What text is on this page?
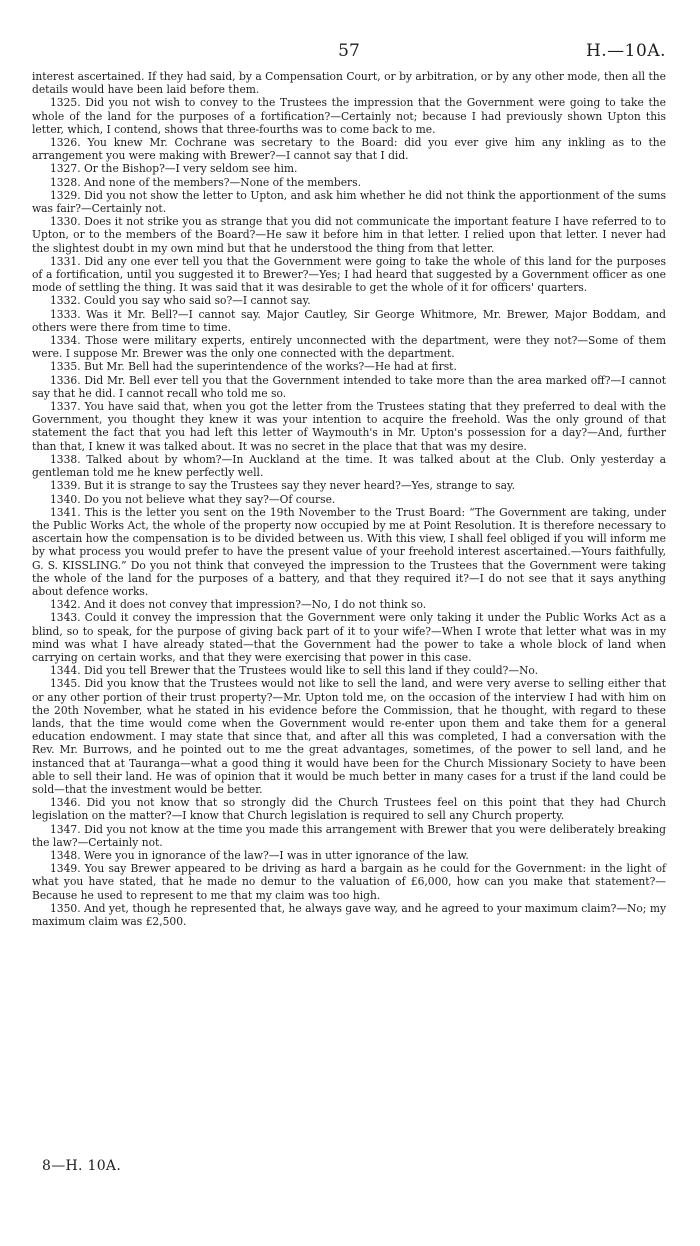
57	H.—10A.

interest ascertained. If they had said, by a Compensation Court, or by arbitration, or by any other mode, then all the details would have been laid before them.

1325. Did you not wish to convey to the Trustees the impression that the Government were going to take the whole of the land for the purposes of a fortification?—Certainly not; because I had previously shown Upton this letter, which, I contend, shows that three-fourths was to come back to me.

1326. You knew Mr. Cochrane was secretary to the Board: did you ever give him any inkling as to the arrangement you were making with Brewer?—I cannot say that I did.

1327. Or the Bishop?—I very seldom see him.

1328. And none of the members?—None of the members.

1329. Did you not show the letter to Upton, and ask him whether he did not think the apportionment of the sums was fair?—Certainly not.

1330. Does it not strike you as strange that you did not communicate the important feature I have referred to to Upton, or to the members of the Board?—He saw it before him in that letter. I relied upon that letter. I never had the slightest doubt in my own mind but that he understood the thing from that letter.

1331. Did any one ever tell you that the Government were going to take the whole of this land for the purposes of a fortification, until you suggested it to Brewer?—Yes; I had heard that suggested by a Government officer as one mode of settling the thing. It was said that it was desirable to get the whole of it for officers' quarters.

1332. Could you say who said so?—I cannot say.

1333. Was it Mr. Bell?—I cannot say. Major Cautley, Sir George Whitmore, Mr. Brewer, Major Boddam, and others were there from time to time.

1334. Those were military experts, entirely unconnected with the department, were they not?—Some of them were. I suppose Mr. Brewer was the only one connected with the department.

1335. But Mr. Bell had the superintendence of the works?—He had at first.

1336. Did Mr. Bell ever tell you that the Government intended to take more than the area marked off?—I cannot say that he did. I cannot recall who told me so.

1337. You have said that, when you got the letter from the Trustees stating that they preferred to deal with the Government, you thought they knew it was your intention to acquire the freehold. Was the only ground of that statement the fact that you had left this letter of Waymouth's in Mr. Upton's possession for a day?—And, further than that, I knew it was talked about. It was no secret in the place that that was my desire.

1338. Talked about by whom?—In Auckland at the time. It was talked about at the Club. Only yesterday a gentleman told me he knew perfectly well.

1339. But it is strange to say the Trustees say they never heard?—Yes, strange to say.

1340. Do you not believe what they say?—Of course.

1341. This is the letter you sent on the 19th November to the Trust Board: “The Government are taking, under the Public Works Act, the whole of the property now occupied by me at Point Resolution. It is therefore necessary to ascertain how the compensation is to be divided between us. With this view, I shall feel obliged if you will inform me by what process you would prefer to have the present value of your freehold interest ascertained.—Yours faithfully, G. S. KISSLING.” Do you not think that conveyed the impression to the Trustees that the Government were taking the whole of the land for the purposes of a battery, and that they required it?—I do not see that it says anything about defence works.

1342. And it does not convey that impression?—No, I do not think so.

1343. Could it convey the impression that the Government were only taking it under the Public Works Act as a blind, so to speak, for the purpose of giving back part of it to your wife?—When I wrote that letter what was in my mind was what I have already stated—that the Government had the power to take a whole block of land when carrying on certain works, and that they were exercising that power in this case.

1344. Did you tell Brewer that the Trustees would like to sell this land if they could?—No.

1345. Did you know that the Trustees would not like to sell the land, and were very averse to selling either that or any other portion of their trust property?—Mr. Upton told me, on the occasion of the interview I had with him on the 20th November, what he stated in his evidence before the Commission, that he thought, with regard to these lands, that the time would come when the Government would re-enter upon them and take them for a general education endowment. I may state that since that, and after all this was completed, I had a conversation with the Rev. Mr. Burrows, and he pointed out to me the great advantages, sometimes, of the power to sell land, and he instanced that at Tauranga—what a good thing it would have been for the Church Missionary Society to have been able to sell their land. He was of opinion that it would be much better in many cases for a trust if the land could be sold—that the investment would be better.

1346. Did you not know that so strongly did the Church Trustees feel on this point that they had Church legislation on the matter?—I know that Church legislation is required to sell any Church property.

1347. Did you not know at the time you made this arrangement with Brewer that you were deliberately breaking the law?—Certainly not.

1348. Were you in ignorance of the law?—I was in utter ignorance of the law.

1349. You say Brewer appeared to be driving as hard a bargain as he could for the Government: in the light of what you have stated, that he made no demur to the valuation of £6,000, how can you make that statement?—Because he used to represent to me that my claim was too high.

1350. And yet, though he represented that, he always gave way, and he agreed to your maximum claim?—No; my maximum claim was £2,500.

8—H. 10A.
